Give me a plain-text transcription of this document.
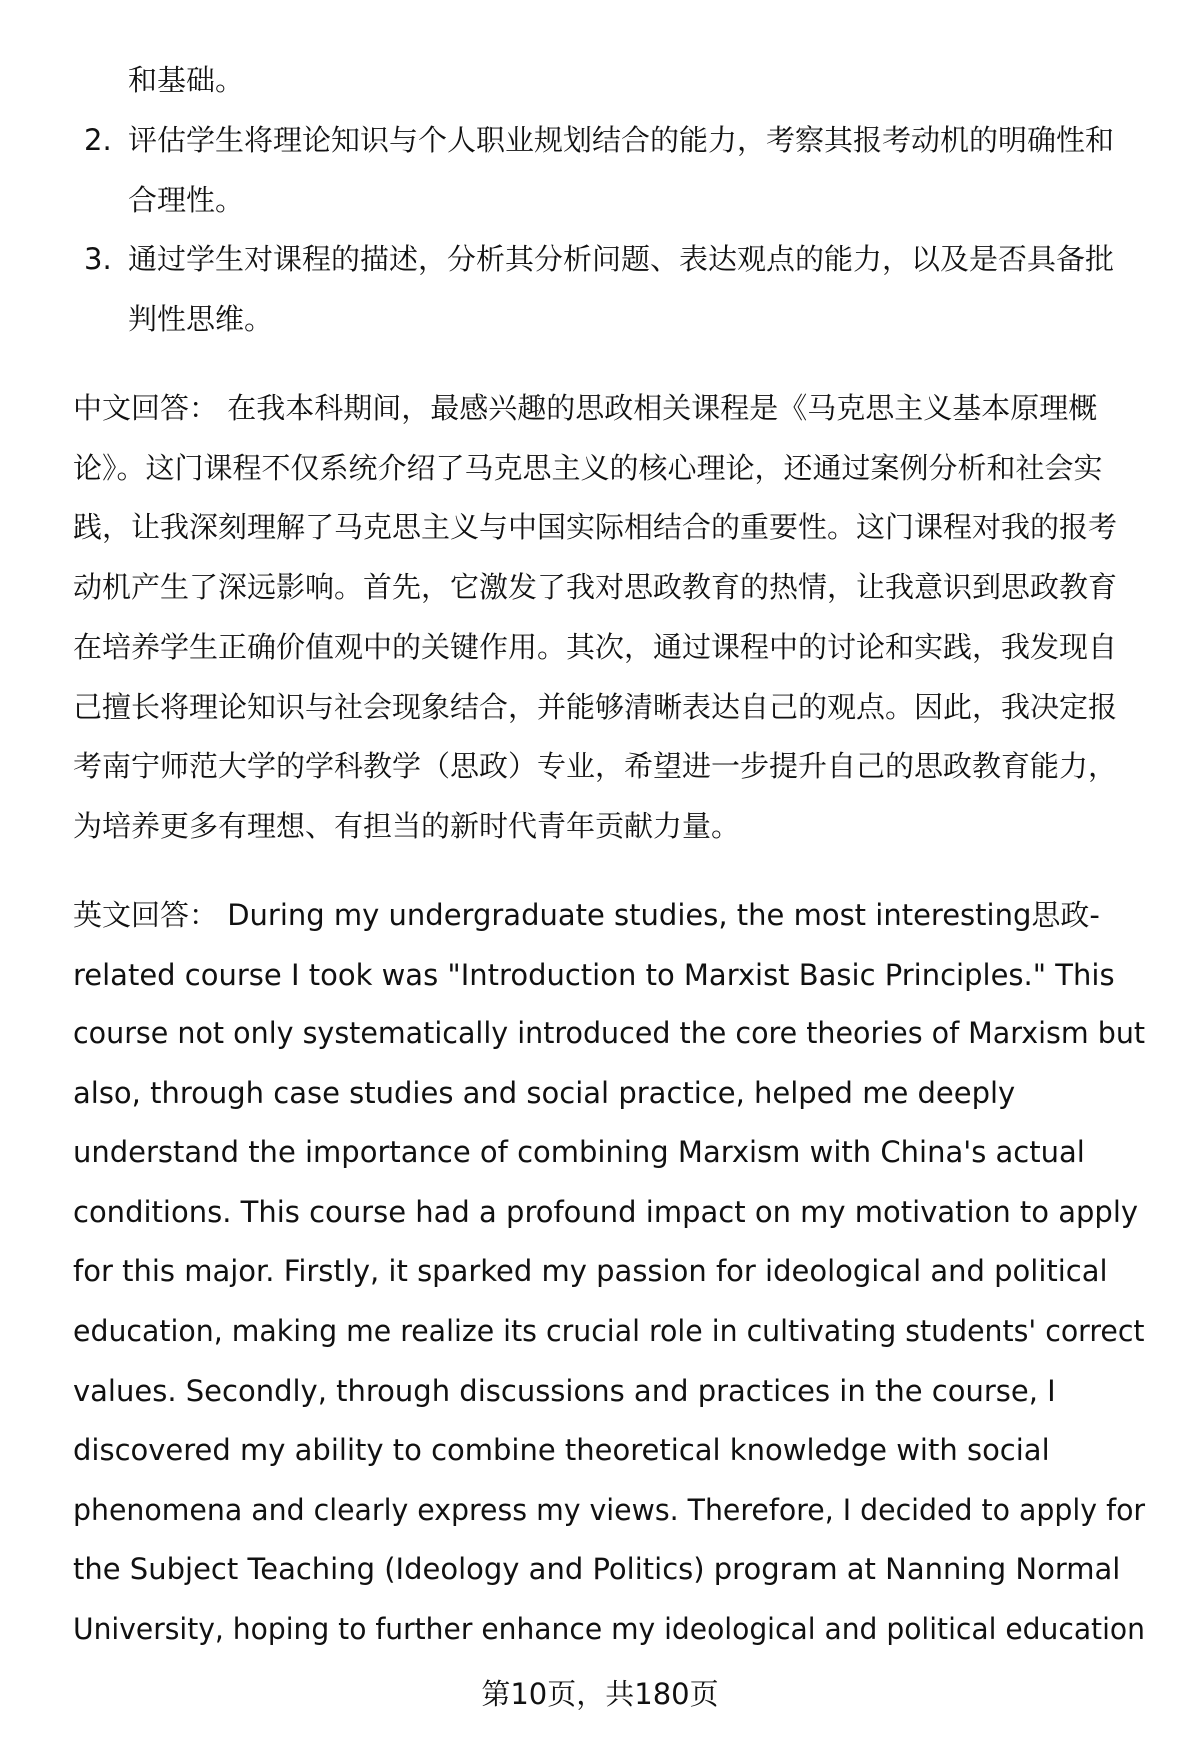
和基础。
2. 评估学生将理论知识与个人职业规划结合的能力，考察其报考动机的明确性和
合理性。
3. 通过学生对课程的描述，分析其分析问题、表达观点的能力，以及是否具备批
判性思维。
中文回答： 在我本科期间，最感兴趣的思政相关课程是《马克思主义基本原理概
论》。这门课程不仅系统介绍了马克思主义的核心理论，还通过案例分析和社会实
践，让我深刻理解了马克思主义与中国实际相结合的重要性。这门课程对我的报考
动机产生了深远影响。首先，它激发了我对思政教育的热情，让我意识到思政教育
在培养学生正确价值观中的关键作用。其次，通过课程中的讨论和实践，我发现自
己擅长将理论知识与社会现象结合，并能够清晰表达自己的观点。因此，我决定报
考南宁师范大学的学科教学（思政）专业，希望进一步提升自己的思政教育能力，
为培养更多有理想、有担当的新时代青年贡献力量。
英文回答： During my undergraduate studies, the most interesting思政-
related course I took was "Introduction to Marxist Basic Principles." This
course not only systematically introduced the core theories of Marxism but
also, through case studies and social practice, helped me deeply
understand the importance of combining Marxism with China's actual
conditions. This course had a profound impact on my motivation to apply
for this major. Firstly, it sparked my passion for ideological and political
education, making me realize its crucial role in cultivating students' correct
values. Secondly, through discussions and practices in the course, I
discovered my ability to combine theoretical knowledge with social
phenomena and clearly express my views. Therefore, I decided to apply for
the Subject Teaching (Ideology and Politics) program at Nanning Normal
University, hoping to further enhance my ideological and political education
第10页，共180页
